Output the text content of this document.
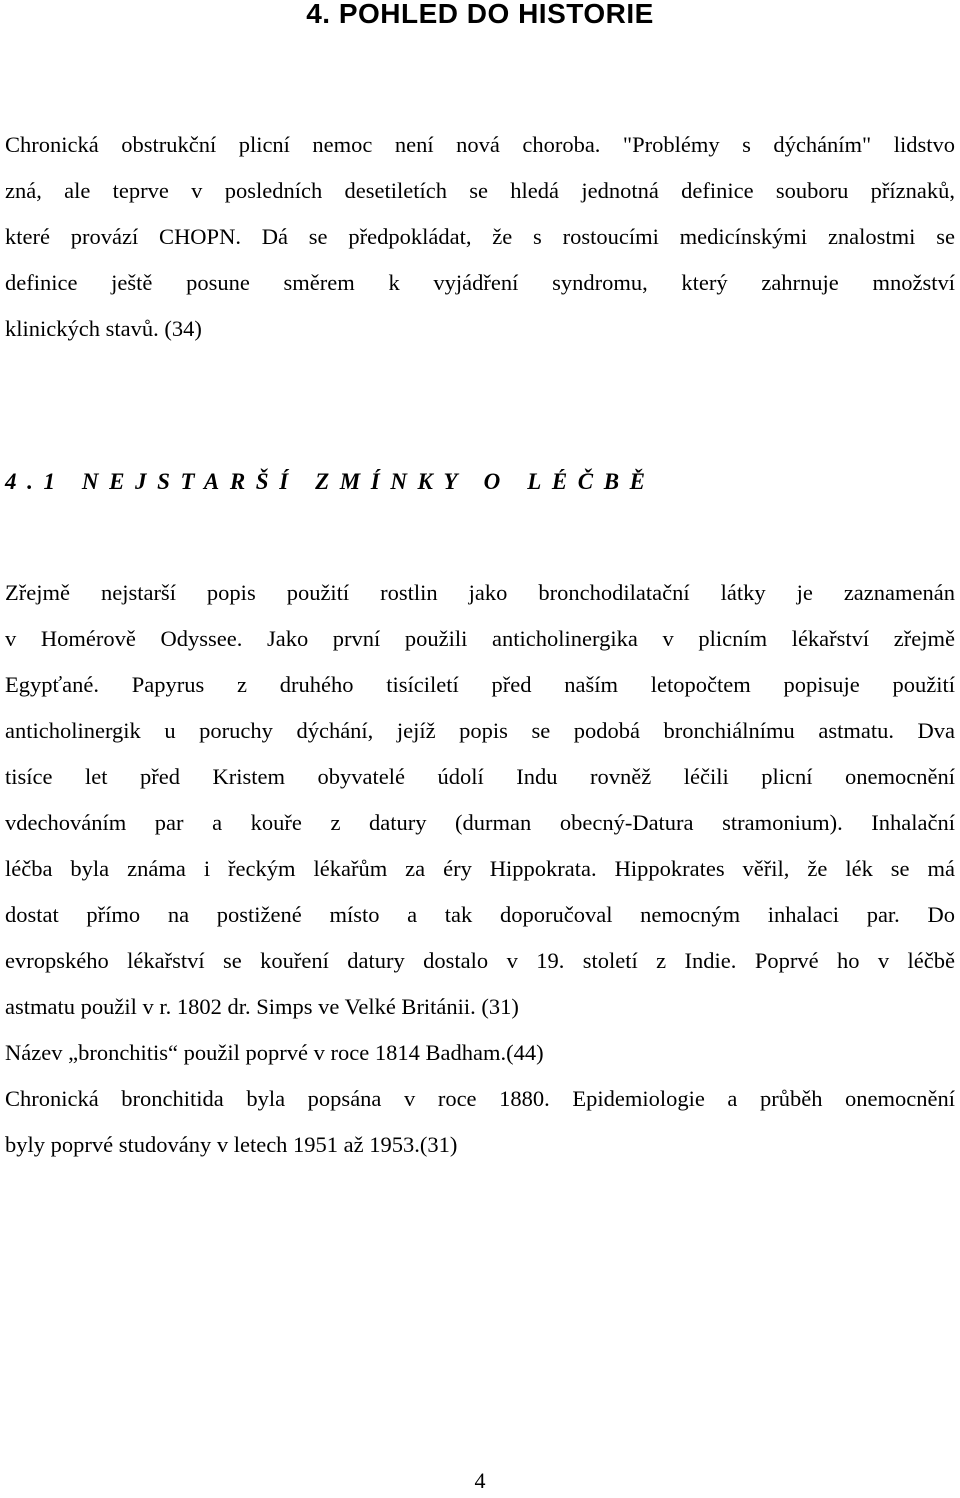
4. POHLED DO HISTORIE
Chronická obstrukční plicní nemoc není nová choroba. "Problémy s dýcháním" lidstvo
zná, ale teprve v posledních desetiletích se hledá jednotná definice souboru příznaků,
které provází CHOPN. Dá se předpokládat, že s rostoucími medicínskými znalostmi se
definice ještě posune směrem k vyjádření syndromu, který zahrnuje množství
klinických stavů. (34)
4.1 NEJSTARŠÍ ZMÍNKY O LÉČBĚ
Zřejmě nejstarší popis použití rostlin jako bronchodilatační látky je zaznamenán
v Homérově Odyssee. Jako první použili anticholinergika v plicním lékařství zřejmě
Egypťané. Papyrus z druhého tisíciletí před naším letopočtem popisuje použití
anticholinergik u poruchy dýchání, jejíž popis se podobá bronchiálnímu astmatu. Dva
tisíce let před Kristem obyvatelé údolí Indu rovněž léčili plicní onemocnění
vdechováním par a kouře z datury (durman obecný-Datura stramonium). Inhalační
léčba byla známa i řeckým lékařům za éry Hippokrata. Hippokrates věřil, že lék se má
dostat přímo na postižené místo a tak doporučoval nemocným inhalaci par. Do
evropského lékařství se kouření datury dostalo v 19. století z Indie. Poprvé ho v léčbě
astmatu použil v r. 1802 dr. Simps ve Velké Británii. (31)
Název „bronchitis“ použil poprvé v roce 1814 Badham.(44)
Chronická bronchitida byla popsána v roce 1880. Epidemiologie a průběh onemocnění
byly poprvé studovány v letech 1951 až 1953.(31)
4
